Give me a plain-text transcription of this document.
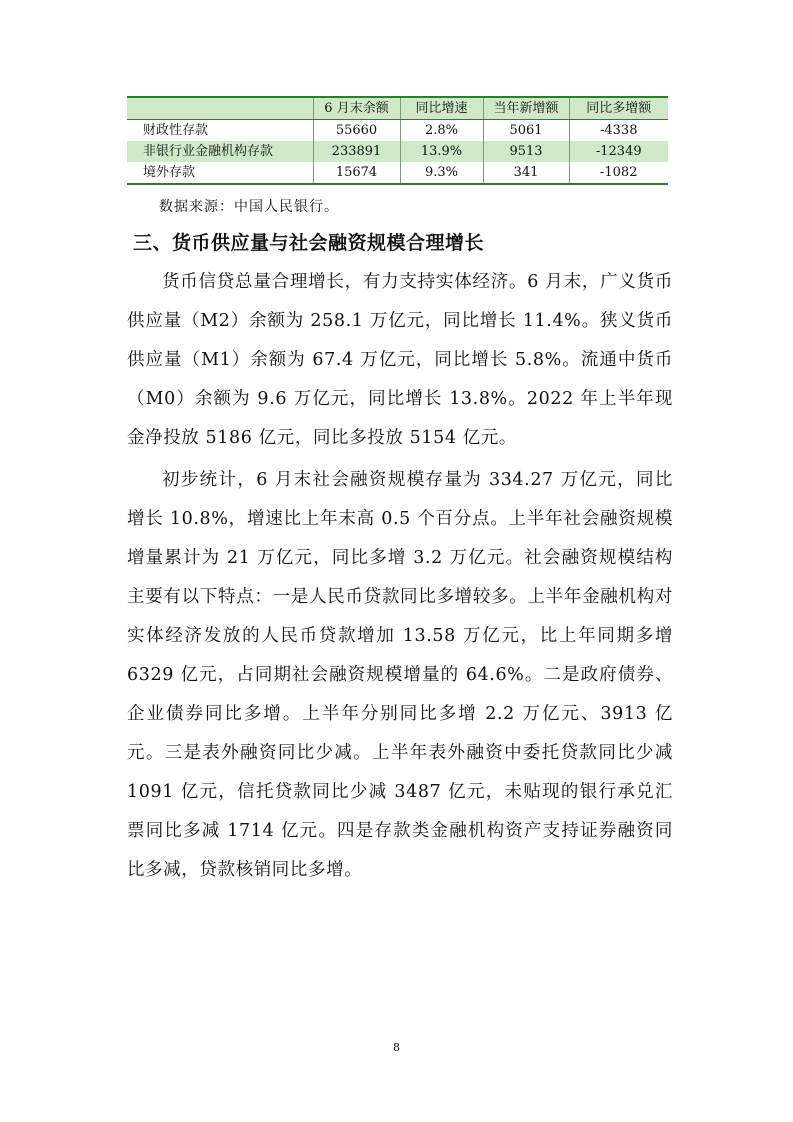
	6 月末余额	同比增速	当年新增额	同比多增额
财政性存款	55660	2.8%	5061	-4338
非银行业金融机构存款	233891	13.9%	9513	-12349
境外存款	15674	9.3%	341	-1082
数据来源：中国人民银行。
三、货币供应量与社会融资规模合理增长

货币信贷总量合理增长，有力支持实体经济。6 月末，广义货币供应量（M2）余额为 258.1 万亿元，同比增长 11.4%。狭义货币供应量（M1）余额为 67.4 万亿元，同比增长 5.8%。流通中货币（M0）余额为 9.6 万亿元，同比增长 13.8%。2022 年上半年现金净投放 5186 亿元，同比多投放 5154 亿元。

初步统计，6 月末社会融资规模存量为 334.27 万亿元，同比增长 10.8%，增速比上年末高 0.5 个百分点。上半年社会融资规模增量累计为 21 万亿元，同比多增 3.2 万亿元。社会融资规模结构主要有以下特点：一是人民币贷款同比多增较多。上半年金融机构对实体经济发放的人民币贷款增加 13.58 万亿元，比上年同期多增 6329 亿元，占同期社会融资规模增量的 64.6%。二是政府债券、企业债券同比多增。上半年分别同比多增 2.2 万亿元、3913 亿元。三是表外融资同比少减。上半年表外融资中委托贷款同比少减 1091 亿元，信托贷款同比少减 3487 亿元，未贴现的银行承兑汇票同比多减 1714 亿元。四是存款类金融机构资产支持证券融资同比多减，贷款核销同比多增。

8
